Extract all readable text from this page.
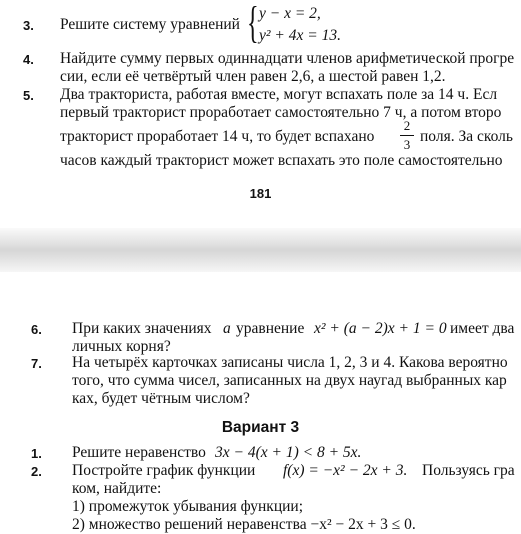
3. Решите систему уравнений { y − x = 2,
y² + 4x = 13.
4. Найдите сумму первых одиннадцати членов арифметической прогре
сии, если её четвёртый член равен 2,6, а шестой равен 1,2.
5. Два тракториста, работая вместе, могут вспахать поле за 14 ч. Есл
первый тракторист проработает самостоятельно 7 ч, а потом второ
тракторист проработает 14 ч, то будет вспахано
2
3 поля. За сколь
часов каждый тракторист может вспахать это поле самостоятельно
181
6. При каких значениях a уравнение x² + (a − 2)x + 1 = 0 имеет два
личных корня?
7. На четырёх карточках записаны числа 1, 2, 3 и 4. Какова вероятно
того, что сумма чисел, записанных на двух наугад выбранных кар
ках, будет чётным числом?
Вариант 3
1. Решите неравенство 3x − 4(x + 1) < 8 + 5x.
2. Постройте график функции f(x) = −x² − 2x + 3. Пользуясь гра
ком, найдите:
1) промежуток убывания функции;
2) множество решений неравенства −x² − 2x + 3 ≤ 0.
